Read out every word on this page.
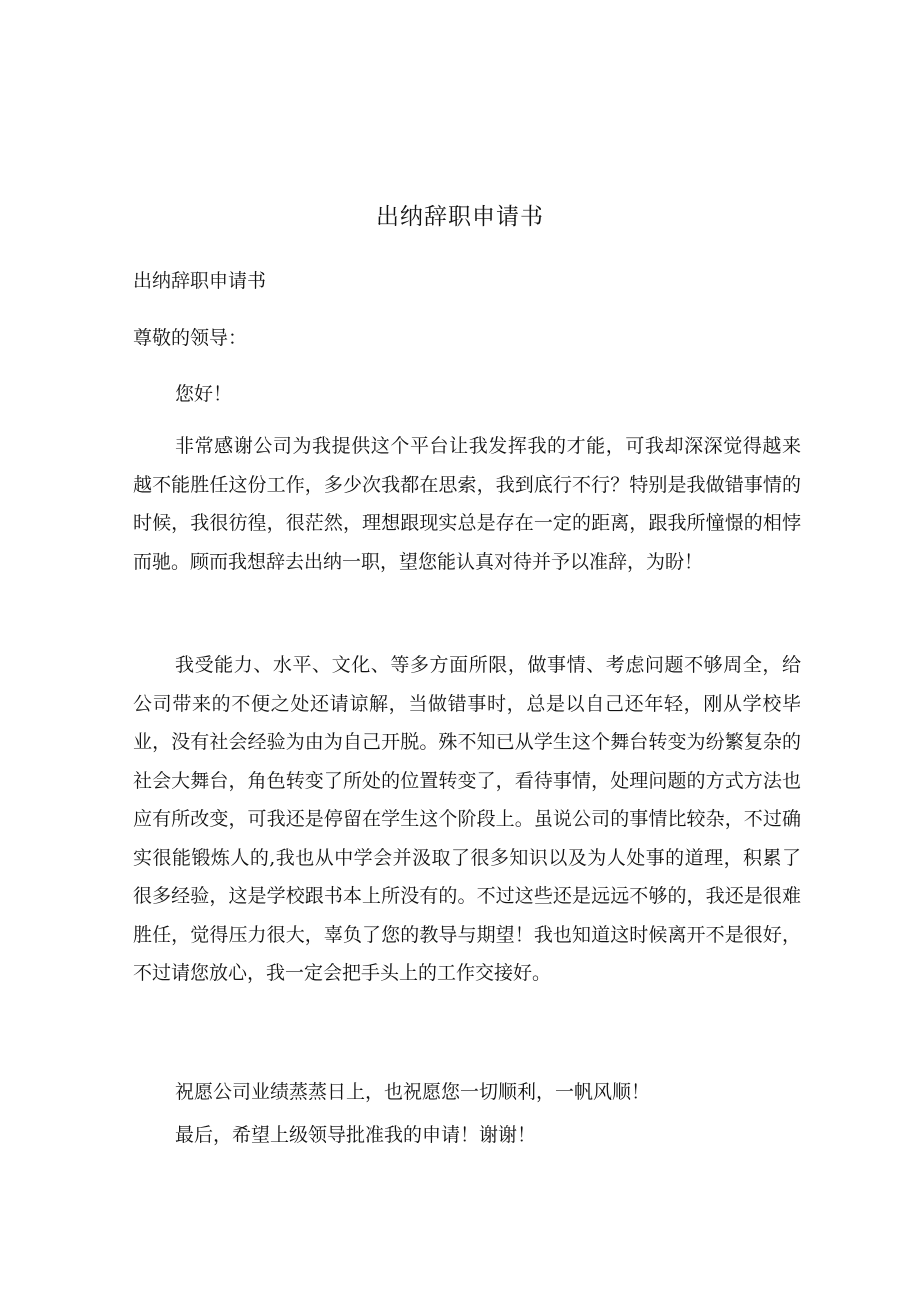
出纳辞职申请书

出纳辞职申请书

尊敬的领导：

您好！

非常感谢公司为我提供这个平台让我发挥我的才能，可我却深深觉得越来越不能胜任这份工作，多少次我都在思索，我到底行不行？特别是我做错事情的时候，我很彷徨，很茫然，理想跟现实总是存在一定的距离，跟我所憧憬的相悖而驰。顾而我想辞去出纳一职，望您能认真对待并予以准辞，为盼！

我受能力、水平、文化、等多方面所限，做事情、考虑问题不够周全，给公司带来的不便之处还请谅解，当做错事时，总是以自己还年轻，刚从学校毕业，没有社会经验为由为自己开脱。殊不知已从学生这个舞台转变为纷繁复杂的社会大舞台，角色转变了所处的位置转变了，看待事情，处理问题的方式方法也应有所改变，可我还是停留在学生这个阶段上。虽说公司的事情比较杂，不过确实很能锻炼人的,我也从中学会并汲取了很多知识以及为人处事的道理，积累了很多经验，这是学校跟书本上所没有的。不过这些还是远远不够的，我还是很难胜任，觉得压力很大，辜负了您的教导与期望！我也知道这时候离开不是很好，不过请您放心，我一定会把手头上的工作交接好。

祝愿公司业绩蒸蒸日上，也祝愿您一切顺利，一帆风顺！

最后，希望上级领导批准我的申请！谢谢！
